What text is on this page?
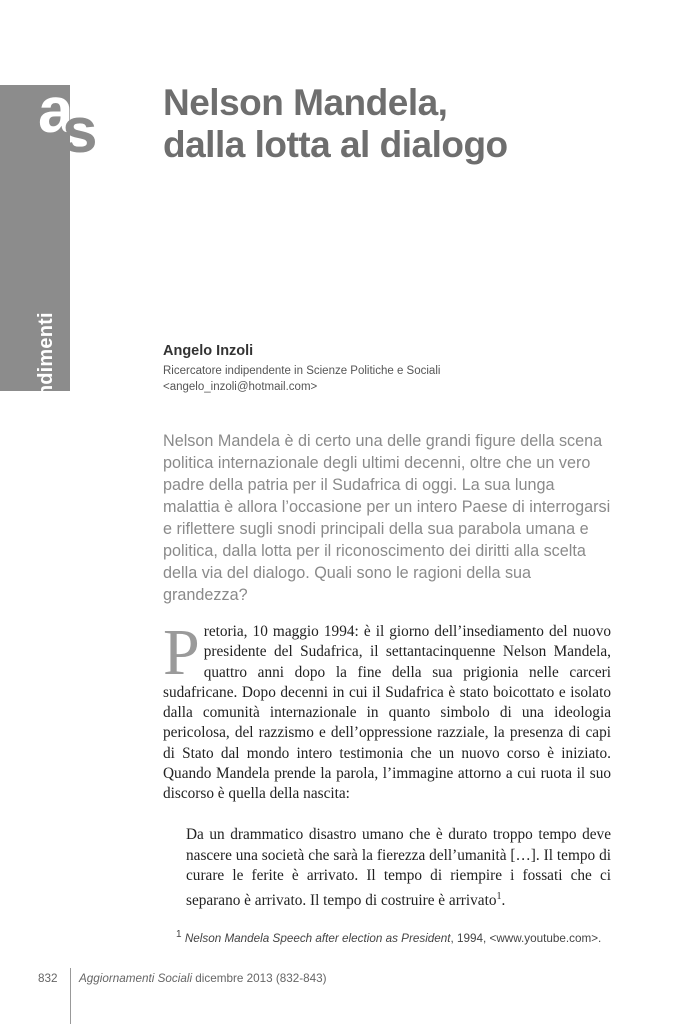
approfondimenti
a
s Nelson Mandela,
dalla lotta al dialogo
Angelo Inzoli
Ricercatore indipendente in Scienze Politiche e Sociali
<angelo_inzoli@hotmail.com>

Nelson Mandela è di certo una delle grandi figure della scena politica internazionale degli ultimi decenni, oltre che un vero padre della patria per il Sudafrica di oggi. La sua lunga malattia è allora l’occasione per un intero Paese di interrogarsi e riflettere sugli snodi principali della sua parabola umana e politica, dalla lotta per il riconoscimento dei diritti alla scelta della via del dialogo. Quali sono le ragioni della sua grandezza?

Pretoria, 10 maggio 1994: è il giorno dell’insediamento del nuovo presidente del Sudafrica, il settantacinquenne Nelson Mandela, quattro anni dopo la fine della sua prigionia nelle carceri sudafricane. Dopo decenni in cui il Sudafrica è stato boicottato e isolato dalla comunità internazionale in quanto simbolo di una ideologia pericolosa, del razzismo e dell’oppressione razziale, la presenza di capi di Stato dal mondo intero testimonia che un nuovo corso è iniziato. Quando Mandela prende la parola, l’immagine attorno a cui ruota il suo discorso è quella della nascita:

Da un drammatico disastro umano che è durato troppo tempo deve nascere una società che sarà la fierezza dell’umanità […]. Il tempo di curare le ferite è arrivato. Il tempo di riempire i fossati che ci separano è arrivato. Il tempo di costruire è arrivato$^1$.

$^1$ Nelson Mandela Speech after election as President, 1994, <www.youtube.com>.

832 Aggiornamenti Sociali dicembre 2013 (832-843)
